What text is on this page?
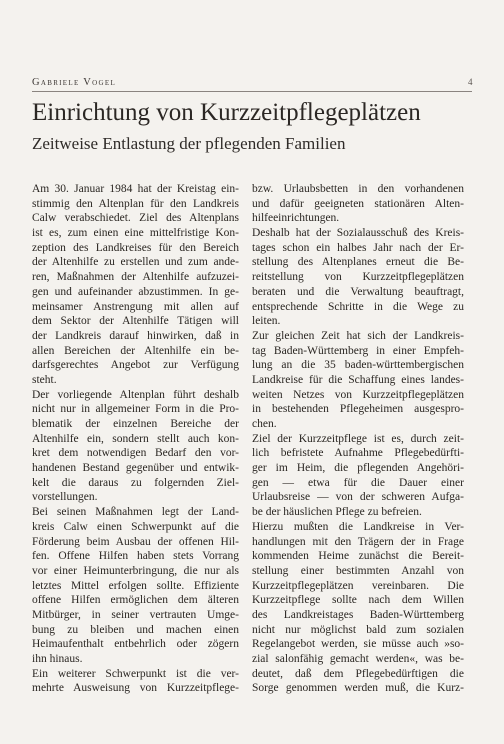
Gabriele Vogel	4
Einrichtung von Kurzzeitpflegeplätzen
Zeitweise Entlastung der pflegenden Familien
Am 30. Januar 1984 hat der Kreistag ein-
stimmig den Altenplan für den Landkreis
Calw verabschiedet. Ziel des Altenplans
ist es, zum einen eine mittelfristige Kon-
zeption des Landkreises für den Bereich
der Altenhilfe zu erstellen und zum ande-
ren, Maßnahmen der Altenhilfe aufzuzei-
gen und aufeinander abzustimmen. In ge-
meinsamer Anstrengung mit allen auf
dem Sektor der Altenhilfe Tätigen will
der Landkreis darauf hinwirken, daß in
allen Bereichen der Altenhilfe ein be-
darfsgerechtes Angebot zur Verfügung
steht.
Der vorliegende Altenplan führt deshalb
nicht nur in allgemeiner Form in die Pro-
blematik der einzelnen Bereiche der
Altenhilfe ein, sondern stellt auch kon-
kret dem notwendigen Bedarf den vor-
handenen Bestand gegenüber und entwik-
kelt die daraus zu folgernden Ziel-
vorstellungen.
Bei seinen Maßnahmen legt der Land-
kreis Calw einen Schwerpunkt auf die
Förderung beim Ausbau der offenen Hil-
fen. Offene Hilfen haben stets Vorrang
vor einer Heimunterbringung, die nur als
letztes Mittel erfolgen sollte. Effiziente
offene Hilfen ermöglichen dem älteren
Mitbürger, in seiner vertrauten Umge-
bung zu bleiben und machen einen
Heimaufenthalt entbehrlich oder zögern
ihn hinaus.
Ein weiterer Schwerpunkt ist die ver-
mehrte Ausweisung von Kurzzeitpflege-
bzw. Urlaubsbetten in den vorhandenen
und dafür geeigneten stationären Alten-
hilfeeinrichtungen.
Deshalb hat der Sozialausschuß des Kreis-
tages schon ein halbes Jahr nach der Er-
stellung des Altenplanes erneut die Be-
reitstellung von Kurzzeitpflegeplätzen
beraten und die Verwaltung beauftragt,
entsprechende Schritte in die Wege zu
leiten.
Zur gleichen Zeit hat sich der Landkreis-
tag Baden-Württemberg in einer Empfeh-
lung an die 35 baden-württembergischen
Landkreise für die Schaffung eines landes-
weiten Netzes von Kurzzeitpflegeplätzen
in bestehenden Pflegeheimen ausgespro-
chen.
Ziel der Kurzzeitpflege ist es, durch zeit-
lich befristete Aufnahme Pflegebedürfti-
ger im Heim, die pflegenden Angehöri-
gen — etwa für die Dauer einer
Urlaubsreise — von der schweren Aufga-
be der häuslichen Pflege zu befreien.
Hierzu mußten die Landkreise in Ver-
handlungen mit den Trägern der in Frage
kommenden Heime zunächst die Bereit-
stellung einer bestimmten Anzahl von
Kurzzeitpflegeplätzen vereinbaren. Die
Kurzzeitpflege sollte nach dem Willen
des Landkreistages Baden-Württemberg
nicht nur möglichst bald zum sozialen
Regelangebot werden, sie müsse auch »so-
zial salonfähig gemacht werden«, was be-
deutet, daß dem Pflegebedürftigen die
Sorge genommen werden muß, die Kurz-
